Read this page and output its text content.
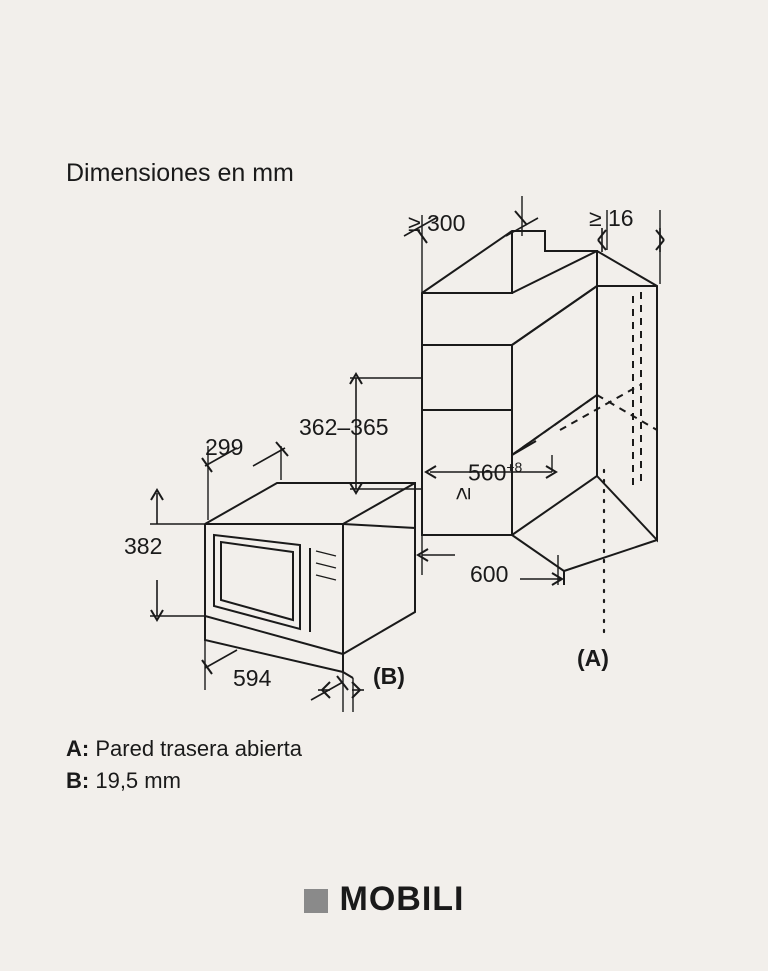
Dimensiones en mm
≥ 300	≥ 16
362–365
≥
$560^{+8}$
600
299
382
594	(B)
(A)
A: Pared trasera abierta
B: 19,5 mm
MOBILI
